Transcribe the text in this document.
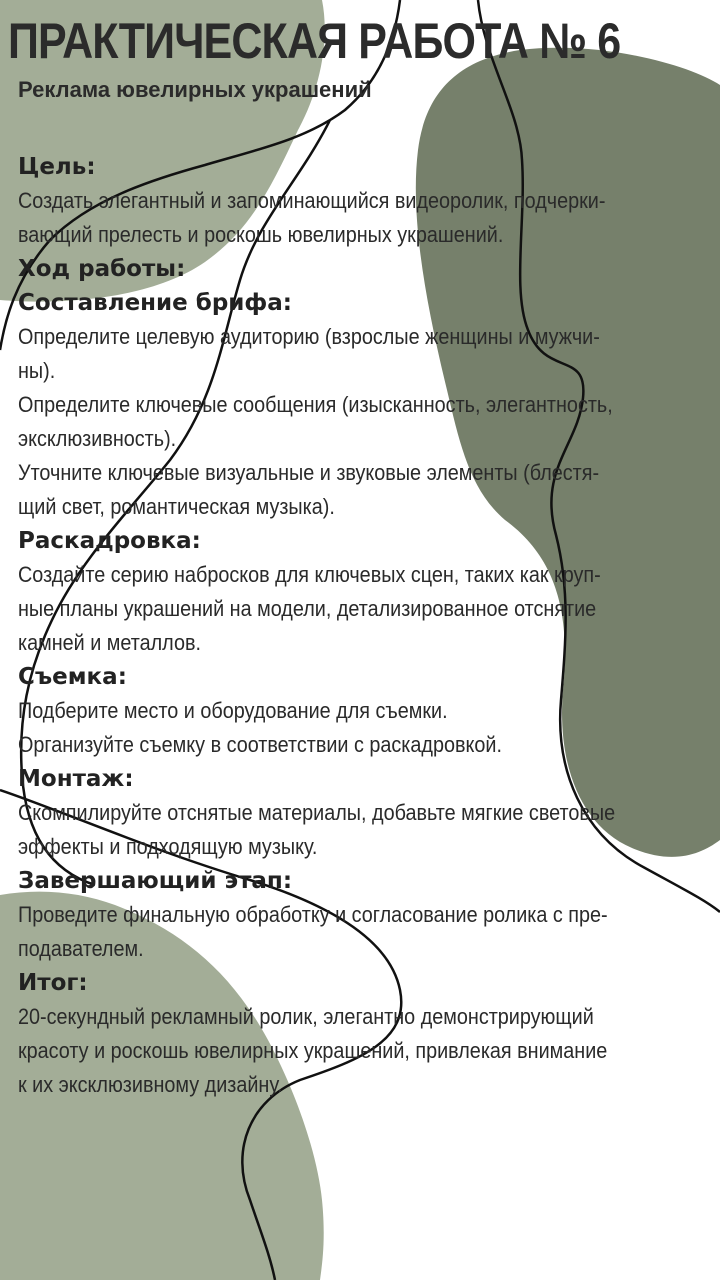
ПРАКТИЧЕСКАЯ РАБОТА № 6
Реклама ювелирных украшений
Цель:
Создать элегантный и запоминающийся видеоролик, подчерки-
вающий прелесть и роскошь ювелирных украшений.
Ход работы:
Составление брифа:
Определите целевую аудиторию (взрослые женщины и мужчи-
ны).
Определите ключевые сообщения (изысканность, элегантность,
эксклюзивность).
Уточните ключевые визуальные и звуковые элементы (блестя-
щий свет, романтическая музыка).
Раскадровка:
Создайте серию набросков для ключевых сцен, таких как круп-
ные планы украшений на модели, детализированное отснятие
камней и металлов.
Съемка:
Подберите место и оборудование для съемки.
Организуйте съемку в соответствии с раскадровкой.
Монтаж:
Скомпилируйте отснятые материалы, добавьте мягкие световые
эффекты и подходящую музыку.
Завершающий этап:
Проведите финальную обработку и согласование ролика с пре-
подавателем.
Итог:
20-секундный рекламный ролик, элегантно демонстрирующий
красоту и роскошь ювелирных украшений, привлекая внимание
к их эксклюзивному дизайну.
